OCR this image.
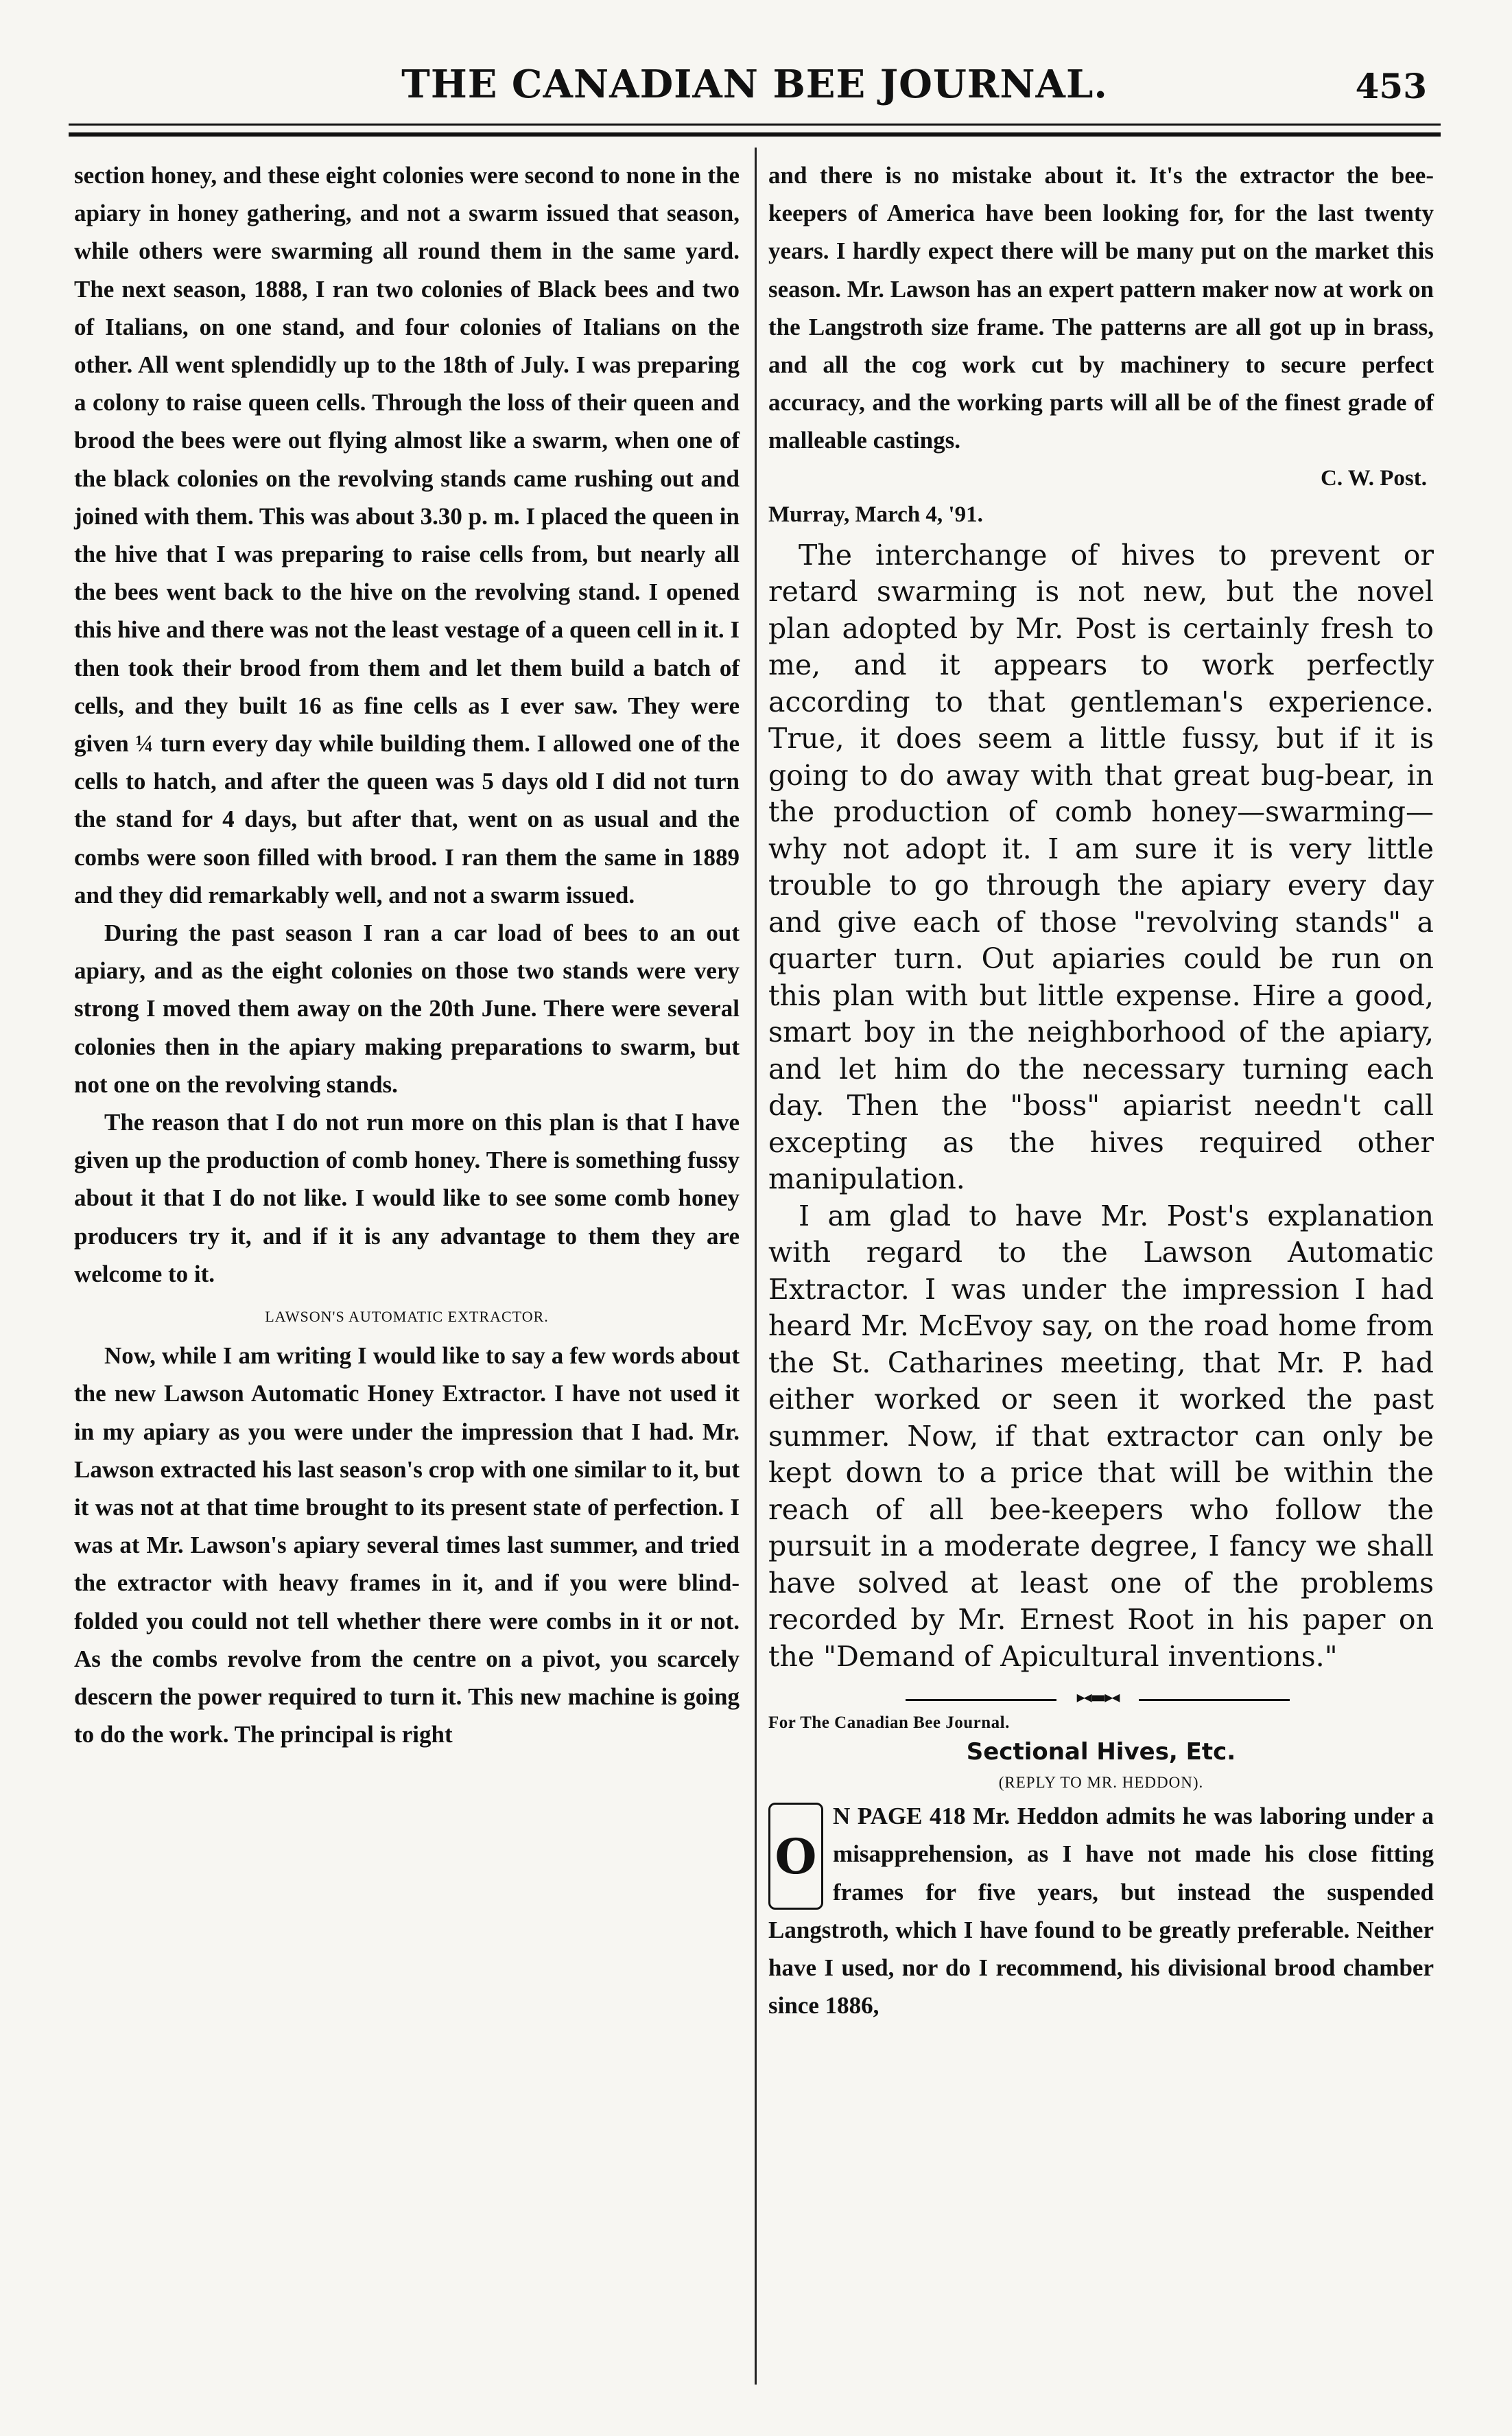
THE CANADIAN BEE JOURNAL.	453

section honey, and these eight colonies were second to none in the apiary in honey gathering, and not a swarm issued that season, while others were swarming all round them in the same yard. The next season, 1888, I ran two colonies of Black bees and two of Italians, on one stand, and four colonies of Italians on the other. All went splendidly up to the 18th of July. I was preparing a colony to raise queen cells. Through the loss of their queen and brood the bees were out flying almost like a swarm, when one of the black colonies on the revolving stands came rushing out and joined with them. This was about 3.30 p. m. I placed the queen in the hive that I was preparing to raise cells from, but nearly all the bees went back to the hive on the revolving stand. I opened this hive and there was not the least vestage of a queen cell in it. I then took their brood from them and let them build a batch of cells, and they built 16 as fine cells as I ever saw. They were given ¼ turn every day while building them. I allowed one of the cells to hatch, and after the queen was 5 days old I did not turn the stand for 4 days, but after that, went on as usual and the combs were soon filled with brood. I ran them the same in 1889 and they did remarkably well, and not a swarm issued.

During the past season I ran a car load of bees to an out apiary, and as the eight colonies on those two stands were very strong I moved them away on the 20th June. There were several colonies then in the apiary making preparations to swarm, but not one on the revolving stands.

The reason that I do not run more on this plan is that I have given up the production of comb honey. There is something fussy about it that I do not like. I would like to see some comb honey producers try it, and if it is any advantage to them they are welcome to it.

LAWSON'S AUTOMATIC EXTRACTOR.

Now, while I am writing I would like to say a few words about the new Lawson Automatic Honey Extractor. I have not used it in my apiary as you were under the impression that I had. Mr. Lawson extracted his last season's crop with one similar to it, but it was not at that time brought to its present state of perfection. I was at Mr. Lawson's apiary several times last summer, and tried the extractor with heavy frames in it, and if you were blind-folded you could not tell whether there were combs in it or not. As the combs revolve from the centre on a pivot, you scarcely descern the power required to turn it. This new machine is going to do the work. The principal is right

and there is no mistake about it. It's the extractor the bee-keepers of America have been looking for, for the last twenty years. I hardly expect there will be many put on the market this season. Mr. Lawson has an expert pattern maker now at work on the Langstroth size frame. The patterns are all got up in brass, and all the cog work cut by machinery to secure perfect accuracy, and the working parts will all be of the finest grade of malleable castings.

C. W. Post.

Murray, March 4, '91.

The interchange of hives to prevent or retard swarming is not new, but the novel plan adopted by Mr. Post is certainly fresh to me, and it appears to work perfectly according to that gentleman's experience. True, it does seem a little fussy, but if it is going to do away with that great bug-bear, in the production of comb honey—swarming—why not adopt it. I am sure it is very little trouble to go through the apiary every day and give each of those "revolving stands" a quarter turn. Out apiaries could be run on this plan with but little expense. Hire a good, smart boy in the neighborhood of the apiary, and let him do the necessary turning each day. Then the "boss" apiarist needn't call excepting as the hives required other manipulation.

I am glad to have Mr. Post's explanation with regard to the Lawson Automatic Extractor. I was under the impression I had heard Mr. McEvoy say, on the road home from the St. Catharines meeting, that Mr. P. had either worked or seen it worked the past summer. Now, if that extractor can only be kept down to a price that will be within the reach of all bee-keepers who follow the pursuit in a moderate degree, I fancy we shall have solved at least one of the problems recorded by Mr. Ernest Root in his paper on the "Demand of Apicultural inventions."

▸◂▬▸◂
For The Canadian Bee Journal.
Sectional Hives, Etc.
(REPLY TO MR. HEDDON).
O

N PAGE 418 Mr. Heddon admits he was laboring under a misapprehension, as I have not made his close fitting frames for five years, but instead the suspended Langstroth, which I have found to be greatly preferable. Neither have I used, nor do I recommend, his divisional brood chamber since 1886,
